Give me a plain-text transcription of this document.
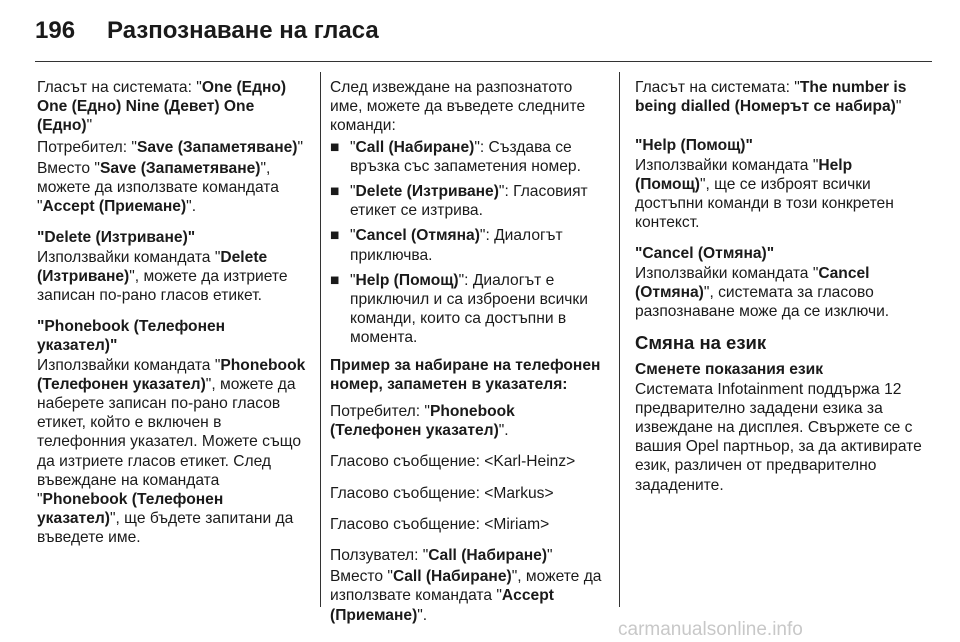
196 Разпознаване на гласа

Гласът на системата: "One (Едно) One (Едно) Nine (Девет) One (Едно)"

Потребител: "Save (Запаметяване)"

Вместо "Save (Запаметяване)", можете да използвате командата "Accept (Приемане)".

"Delete (Изтриване)"

Използвайки командата "Delete (Изтриване)", можете да изтриете записан по-рано гласов етикет.

"Phonebook (Телефонен указател)"

Използвайки командата "Phonebook (Телефонен указател)", можете да наберете записан по-рано гласов етикет, който е включен в телефонния указател. Можете също да изтриете гласов етикет. След въвеждане на командата "Phonebook (Телефонен указател)", ще бъдете запитани да въведете име.

След извеждане на разпознатото име, можете да въведете следните команди:

■ "Call (Набиране)": Създава се връзка със запаметения номер.
■ "Delete (Изтриване)": Гласовият етикет се изтрива.
■ "Cancel (Отмяна)": Диалогът приключва.
■ "Help (Помощ)": Диалогът е приключил и са изброени всички команди, които са достъпни в момента.
Пример за набиране на телефонен номер, запаметен в указателя:

Потребител: "Phonebook (Телефонен указател)".

Гласово съобщение: <Karl-Heinz>

Гласово съобщение: <Markus>

Гласово съобщение: <Miriam>

Ползувател: "Call (Набиране)"

Вместо "Call (Набиране)", можете да използвате командата "Accept (Приемане)".

Гласът на системата: "The number is being dialled (Номерът се набира)"

"Help (Помощ)"

Използвайки командата "Help (Помощ)", ще се изброят всички достъпни команди в този конкретен контекст.

"Cancel (Отмяна)"

Използвайки командата "Cancel (Отмяна)", системата за гласово разпознаване може да се изключи.

Смяна на език
Сменете показания език

Системата Infotainment поддържа 12 предварително зададени езика за извеждане на дисплея. Свържете се с вашия Opel партньор, за да активирате език, различен от предварително зададените.

carmanualsonline.info
